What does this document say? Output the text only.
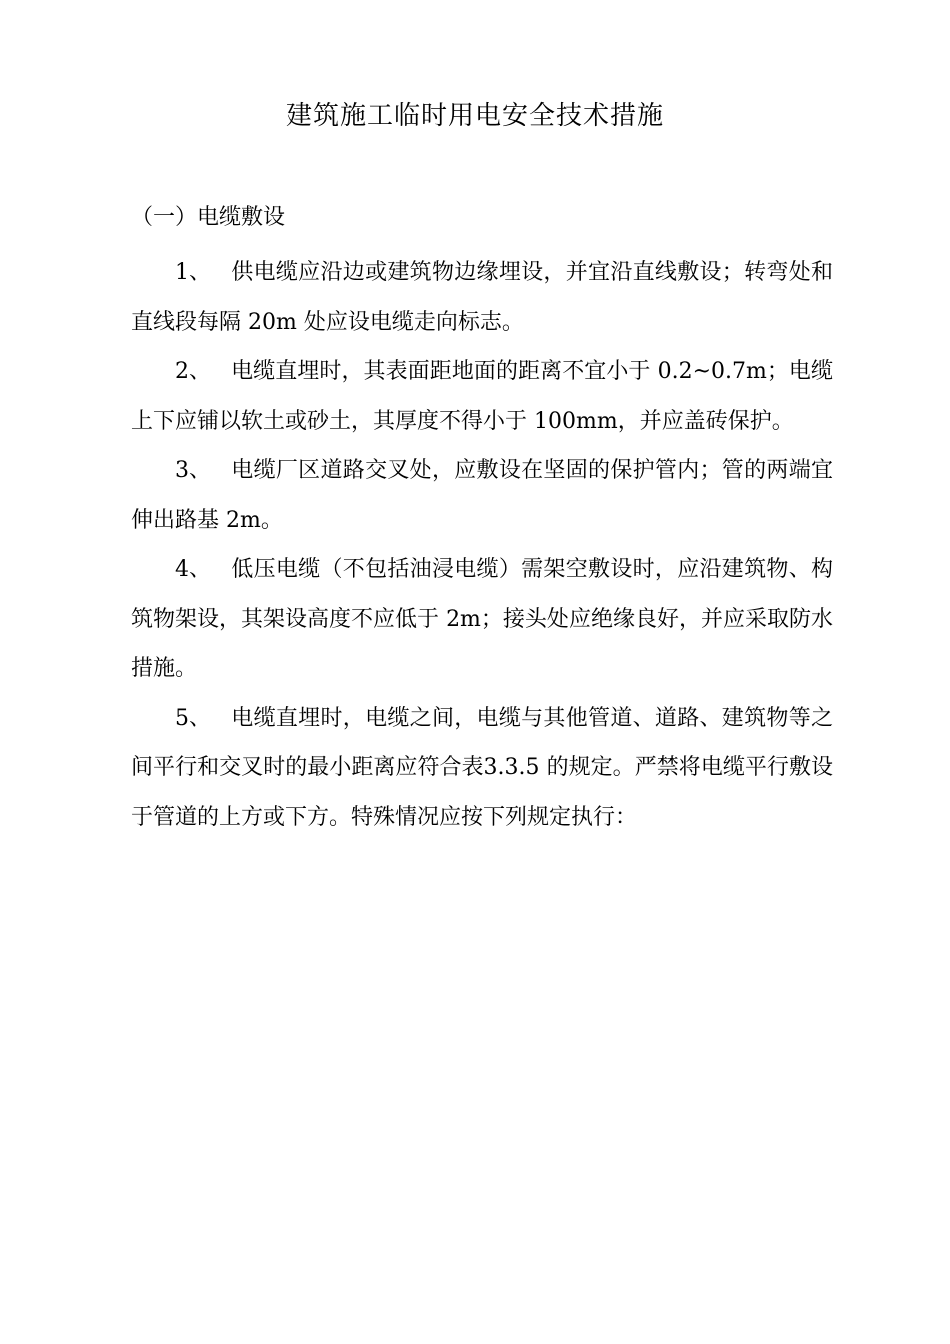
建筑施工临时用电安全技术措施
（一）电缆敷设

1、 供电缆应沿边或建筑物边缘埋设，并宜沿直线敷设；转弯处和直线段每隔 20m 处应设电缆走向标志。

2、 电缆直埋时，其表面距地面的距离不宜小于 0.2~0.7m；电缆上下应铺以软土或砂土，其厚度不得小于 100mm，并应盖砖保护。

3、 电缆厂区道路交叉处，应敷设在坚固的保护管内；管的两端宜伸出路基 2m。

4、 低压电缆（不包括油浸电缆）需架空敷设时，应沿建筑物、构筑物架设，其架设高度不应低于 2m；接头处应绝缘良好，并应采取防水措施。

5、 电缆直埋时，电缆之间，电缆与其他管道、道路、建筑物等之间平行和交叉时的最小距离应符合表3.3.5 的规定。严禁将电缆平行敷设于管道的上方或下方。特殊情况应按下列规定执行：
